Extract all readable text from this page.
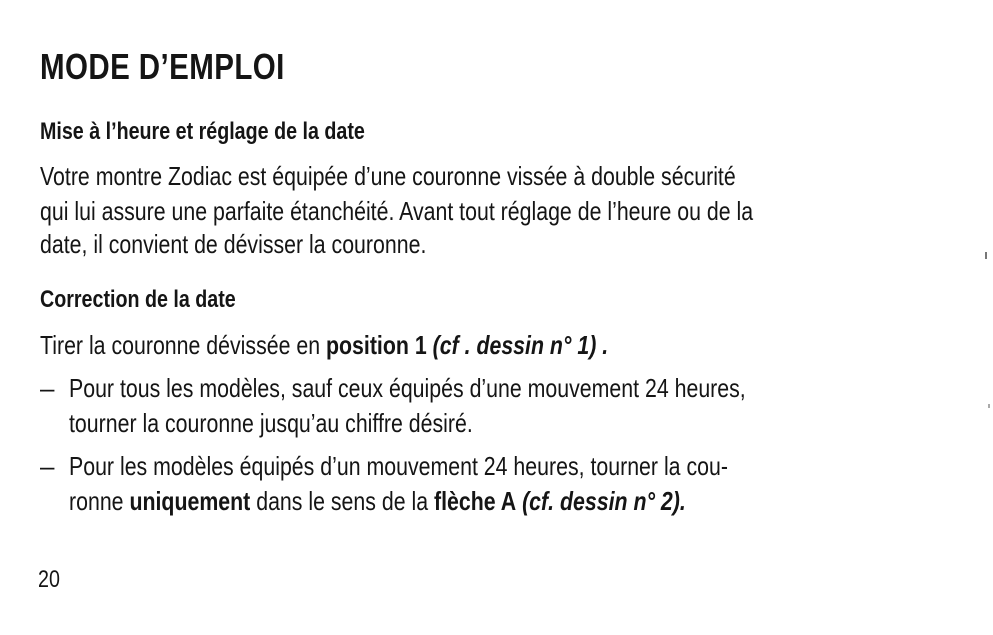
MODE D’EMPLOI
Mise à l’heure et réglage de la date
Votre montre Zodiac est équipée d’une couronne vissée à double sécurité
qui lui assure une parfaite étanchéité. Avant tout réglage de l’heure ou de la
date, il convient de dévisser la couronne.
Correction de la date
Tirer la couronne dévissée en position 1 (cf . dessin n° 1) .
– Pour tous les modèles, sauf ceux équipés d’une mouvement 24 heures,
tourner la couronne jusqu’au chiffre désiré.
– Pour les modèles équipés d’un mouvement 24 heures, tourner la cou-
ronne uniquement dans le sens de la flèche A (cf. dessin n° 2).
20
